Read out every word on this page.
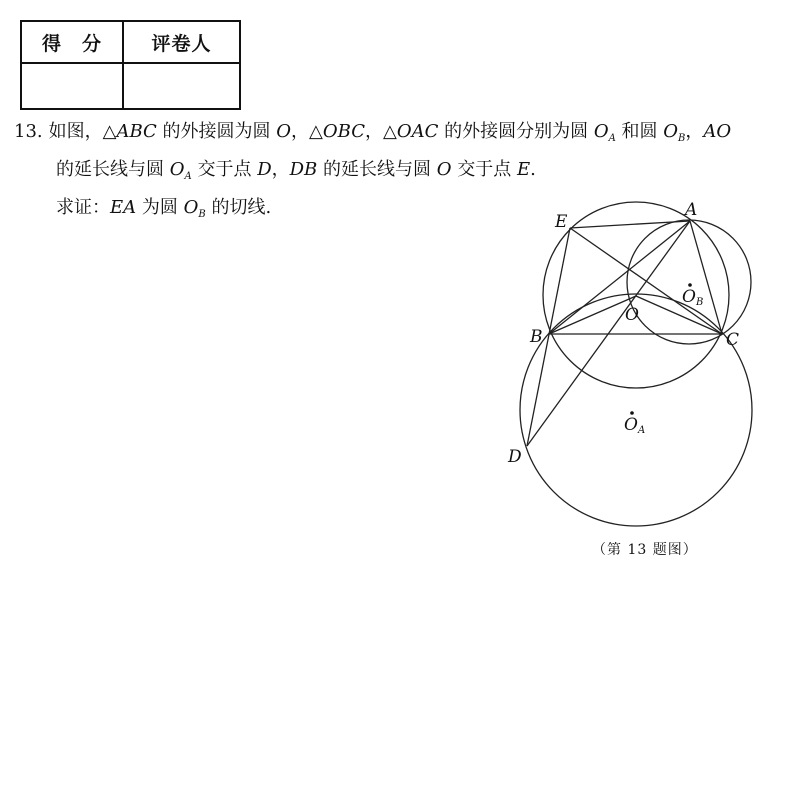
得　分	评卷人

13. 如图，△ABC 的外接圆为圆 O，△OBC，△OAC 的外接圆分别为圆 $O_A$ 和圆 $O_B$，AO
的延长线与圆 $O_A$ 交于点 D，DB 的延长线与圆 O 交于点 E.
求证：EA 为圆 $O_B$ 的切线.	A
E
B	C
D
O
OB
OA
（第 13 题图）
